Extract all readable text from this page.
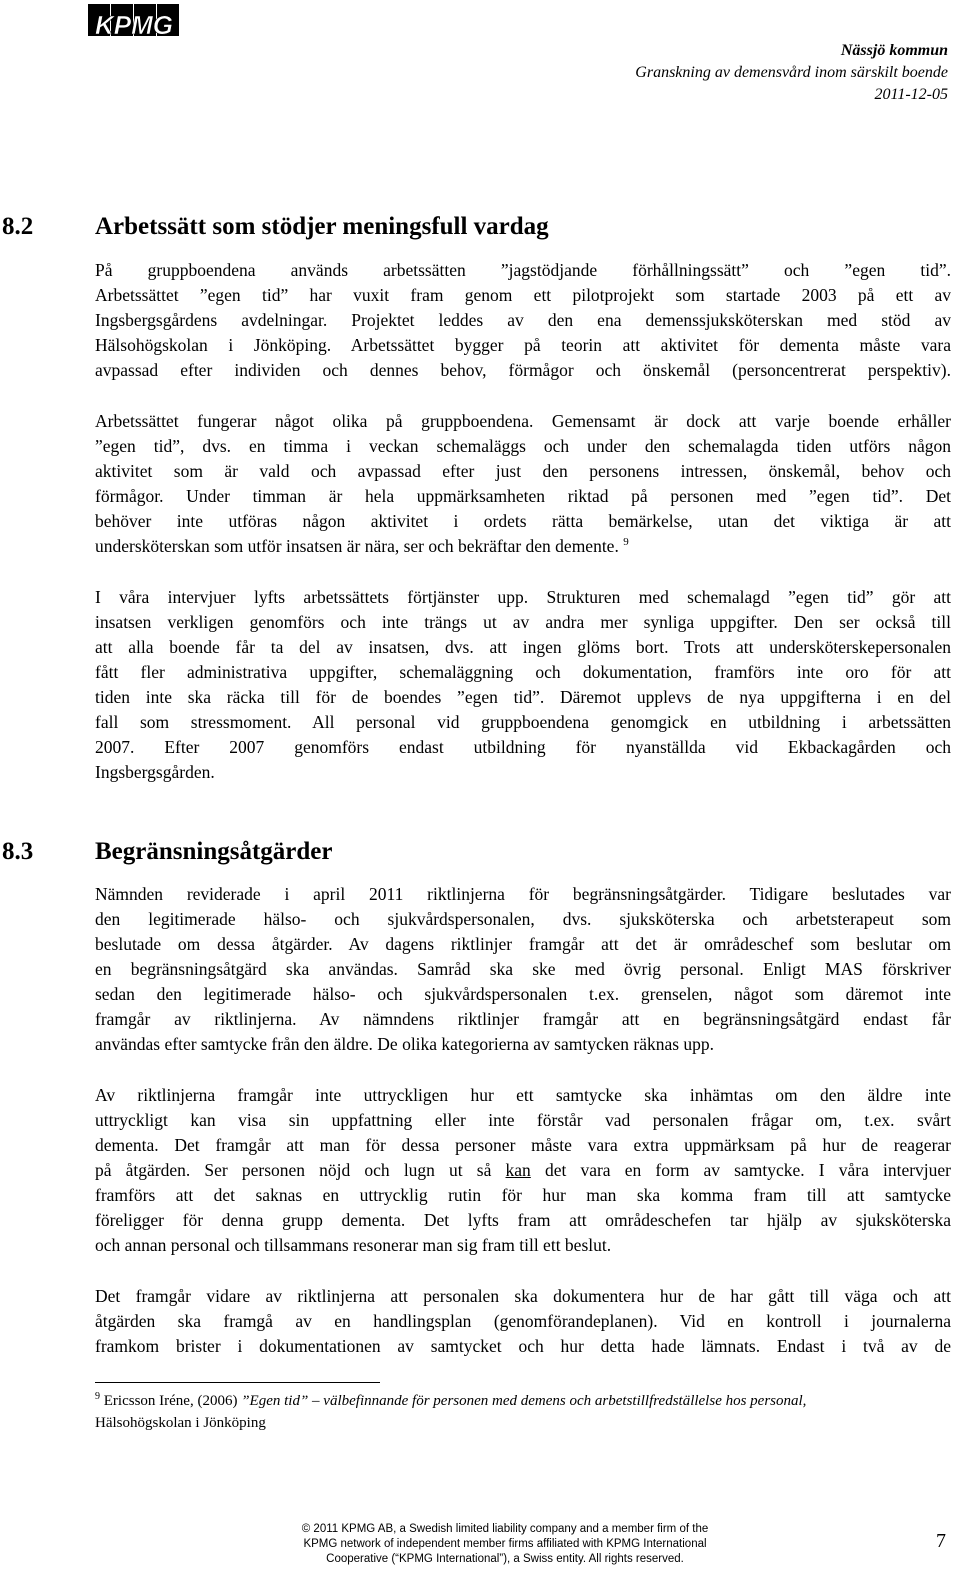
KPMG
Nässjö kommun
Granskning av demensvård inom särskilt boende
2011-12-05
8.2 Arbetssätt som stödjer meningsfull vardag
På gruppboendena används arbetssätten ”jagstödjande förhållningssätt” och ”egen tid”.
Arbetssättet ”egen tid” har vuxit fram genom ett pilotprojekt som startade 2003 på ett av
Ingsbergsgårdens avdelningar. Projektet leddes av den ena demenssjuksköterskan med stöd av
Hälsohögskolan i Jönköping. Arbetssättet bygger på teorin att aktivitet för dementa måste vara
avpassad efter individen och dennes behov, förmågor och önskemål (personcentrerat perspektiv).
Arbetssättet fungerar något olika på gruppboendena. Gemensamt är dock att varje boende erhåller
”egen tid”, dvs. en timma i veckan schemaläggs och under den schemalagda tiden utförs någon
aktivitet som är vald och avpassad efter just den personens intressen, önskemål, behov och
förmågor. Under timman är hela uppmärksamheten riktad på personen med ”egen tid”. Det
behöver inte utföras någon aktivitet i ordets rätta bemärkelse, utan det viktiga är att
undersköterskan som utför insatsen är nära, ser och bekräftar den demente. $^9$
I våra intervjuer lyfts arbetssättets förtjänster upp. Strukturen med schemalagd ”egen tid” gör att
insatsen verkligen genomförs och inte trängs ut av andra mer synliga uppgifter. Den ser också till
att alla boende får ta del av insatsen, dvs. att ingen glöms bort. Trots att undersköterskepersonalen
fått fler administrativa uppgifter, schemaläggning och dokumentation, framförs inte oro för att
tiden inte ska räcka till för de boendes ”egen tid”. Däremot upplevs de nya uppgifterna i en del
fall som stressmoment. All personal vid gruppboendena genomgick en utbildning i arbetssätten
2007. Efter 2007 genomförs endast utbildning för nyanställda vid Ekbackagården och
Ingsbergsgården.
8.3 Begränsningsåtgärder
Nämnden reviderade i april 2011 riktlinjerna för begränsningsåtgärder. Tidigare beslutades var
den legitimerade hälso- och sjukvårdspersonalen, dvs. sjuksköterska och arbetsterapeut som
beslutade om dessa åtgärder. Av dagens riktlinjer framgår att det är områdeschef som beslutar om
en begränsningsåtgärd ska användas. Samråd ska ske med övrig personal. Enligt MAS förskriver
sedan den legitimerade hälso- och sjukvårdspersonalen t.ex. grenselen, något som däremot inte
framgår av riktlinjerna. Av nämndens riktlinjer framgår att en begränsningsåtgärd endast får
användas efter samtycke från den äldre. De olika kategorierna av samtycken räknas upp.
Av riktlinjerna framgår inte uttryckligen hur ett samtycke ska inhämtas om den äldre inte
uttryckligt kan visa sin uppfattning eller inte förstår vad personalen frågar om, t.ex. svårt
dementa. Det framgår att man för dessa personer måste vara extra uppmärksam på hur de reagerar
på åtgärden. Ser personen nöjd och lugn ut så kan det vara en form av samtycke. I våra intervjuer
framförs att det saknas en uttrycklig rutin för hur man ska komma fram till att samtycke
föreligger för denna grupp dementa. Det lyfts fram att områdeschefen tar hjälp av sjuksköterska
och annan personal och tillsammans resonerar man sig fram till ett beslut.
Det framgår vidare av riktlinjerna att personalen ska dokumentera hur de har gått till väga och att
åtgärden ska framgå av en handlingsplan (genomförandeplanen). Vid en kontroll i journalerna
framkom brister i dokumentationen av samtycket och hur detta hade lämnats. Endast i två av de
$^9$ Ericsson Iréne, (2006) ”Egen tid” – välbefinnande för personen med demens och arbetstillfredställelse hos personal,
Hälsohögskolan i Jönköping
7
© 2011 KPMG AB, a Swedish limited liability company and a member firm of the
KPMG network of independent member firms affiliated with KPMG International
Cooperative (“KPMG International”), a Swiss entity. All rights reserved.
